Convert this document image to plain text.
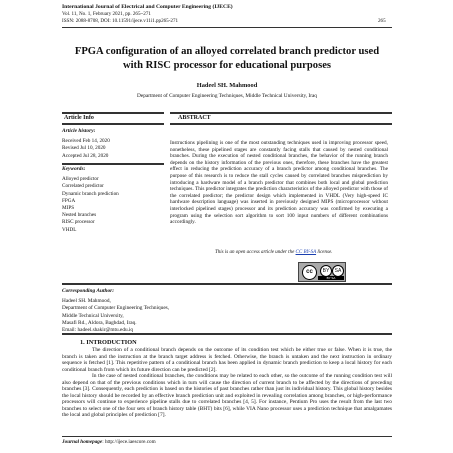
International Journal of Electrical and Computer Engineering (IJECE)
Vol. 11, No. 1, February 2021, pp. 265~271
ISSN: 2088-8708, DOI: 10.11591/ijece.v11i1.pp265-271	265
FPGA configuration of an alloyed correlated branch predictor used with RISC processor for educational purposes
Hadeel SH. Mahmood
Department of Computer Engineering Techniques, Middle Technical University, Iraq
Article Info	ABSTRACT
Article history:
Received Feb 14, 2020
Revised Jul 10, 2020
Accepted Jul 28, 2020
Keywords:
Alloyed predictor
Correlated predictor
Dynamic branch prediction
FPGA
MIPS
Nested branches
RISC processor
VHDL
Instructions pipelining is one of the most outstanding techniques used in improving processor speed, nonetheless, these pipelined stages are constantly facing stalls that caused by nested conditional branches. During the execution of nested conditional branches, the behavior of the running branch depends on the history information of the previous ones, therefore, these branches have the greatest effect in reducing the prediction accuracy of a branch predictor among conditional branches. The purpose of this research is to reduce the stall cycles caused by correlated branches misprediction by introducing a hardware model of a branch predictor that combines both local and global prediction techniques. This predictor integrates the prediction characteristics of the alloyed predictor with those of the correlated predictor; the predictor design which implemented in VHDL (Very high-speed IC hardware description language) was inserted in previously designed MIPS (microprocessor without interlocked pipelined stages) processor and its prediction accuracy was confirmed by executing a program using the selection sort algorithm to sort 100 input numbers of different combinations accordingly.
This is an open access article under the CC BY-SA license.
cc	BY	SA
BY SA
Corresponding Author:
Hadeel SH. Mahmood,
Department of Computer Engineering Techniques,
Middle Technical University,
Masafi Rd., Aldora, Baghdad, Iraq.
Email: hadeel.shakir@mtu.edu.iq
1. INTRODUCTION

The direction of a conditional branch depends on the outcome of its condition test which be either true or false. When it is true, the branch is taken and the instruction at the branch target address is fetched. Otherwise, the branch is untaken and the next instruction in ordinary sequence is fetched [1]. This repetitive pattern of a conditional branch has been applied in dynamic branch prediction to keep a local history for each conditional branch from which its future direction can be predicted [2].

In the case of nested conditional branches, the conditions may be related to each other, so the outcome of the running condition test will also depend on that of the previous conditions which in turn will cause the direction of current branch to be affected by the directions of preceding branches [3]. Consequently, each prediction is based on the histories of past branches rather than just its individual history. This global history besides the local history should be recorded by an effective branch prediction unit and exploited in revealing correlation among branches, or high-performance processors will continue to experience pipeline stalls due to correlated branches [4, 5]. For instance, Pentium Pro uses the result from the last two branches to select one of the four sets of branch history table (BHT) bits [6], while VIA Nano processor uses a prediction technique that amalgamates the local and global principles of prediction [7].

Journal homepage: http://ijece.iaescore.com
